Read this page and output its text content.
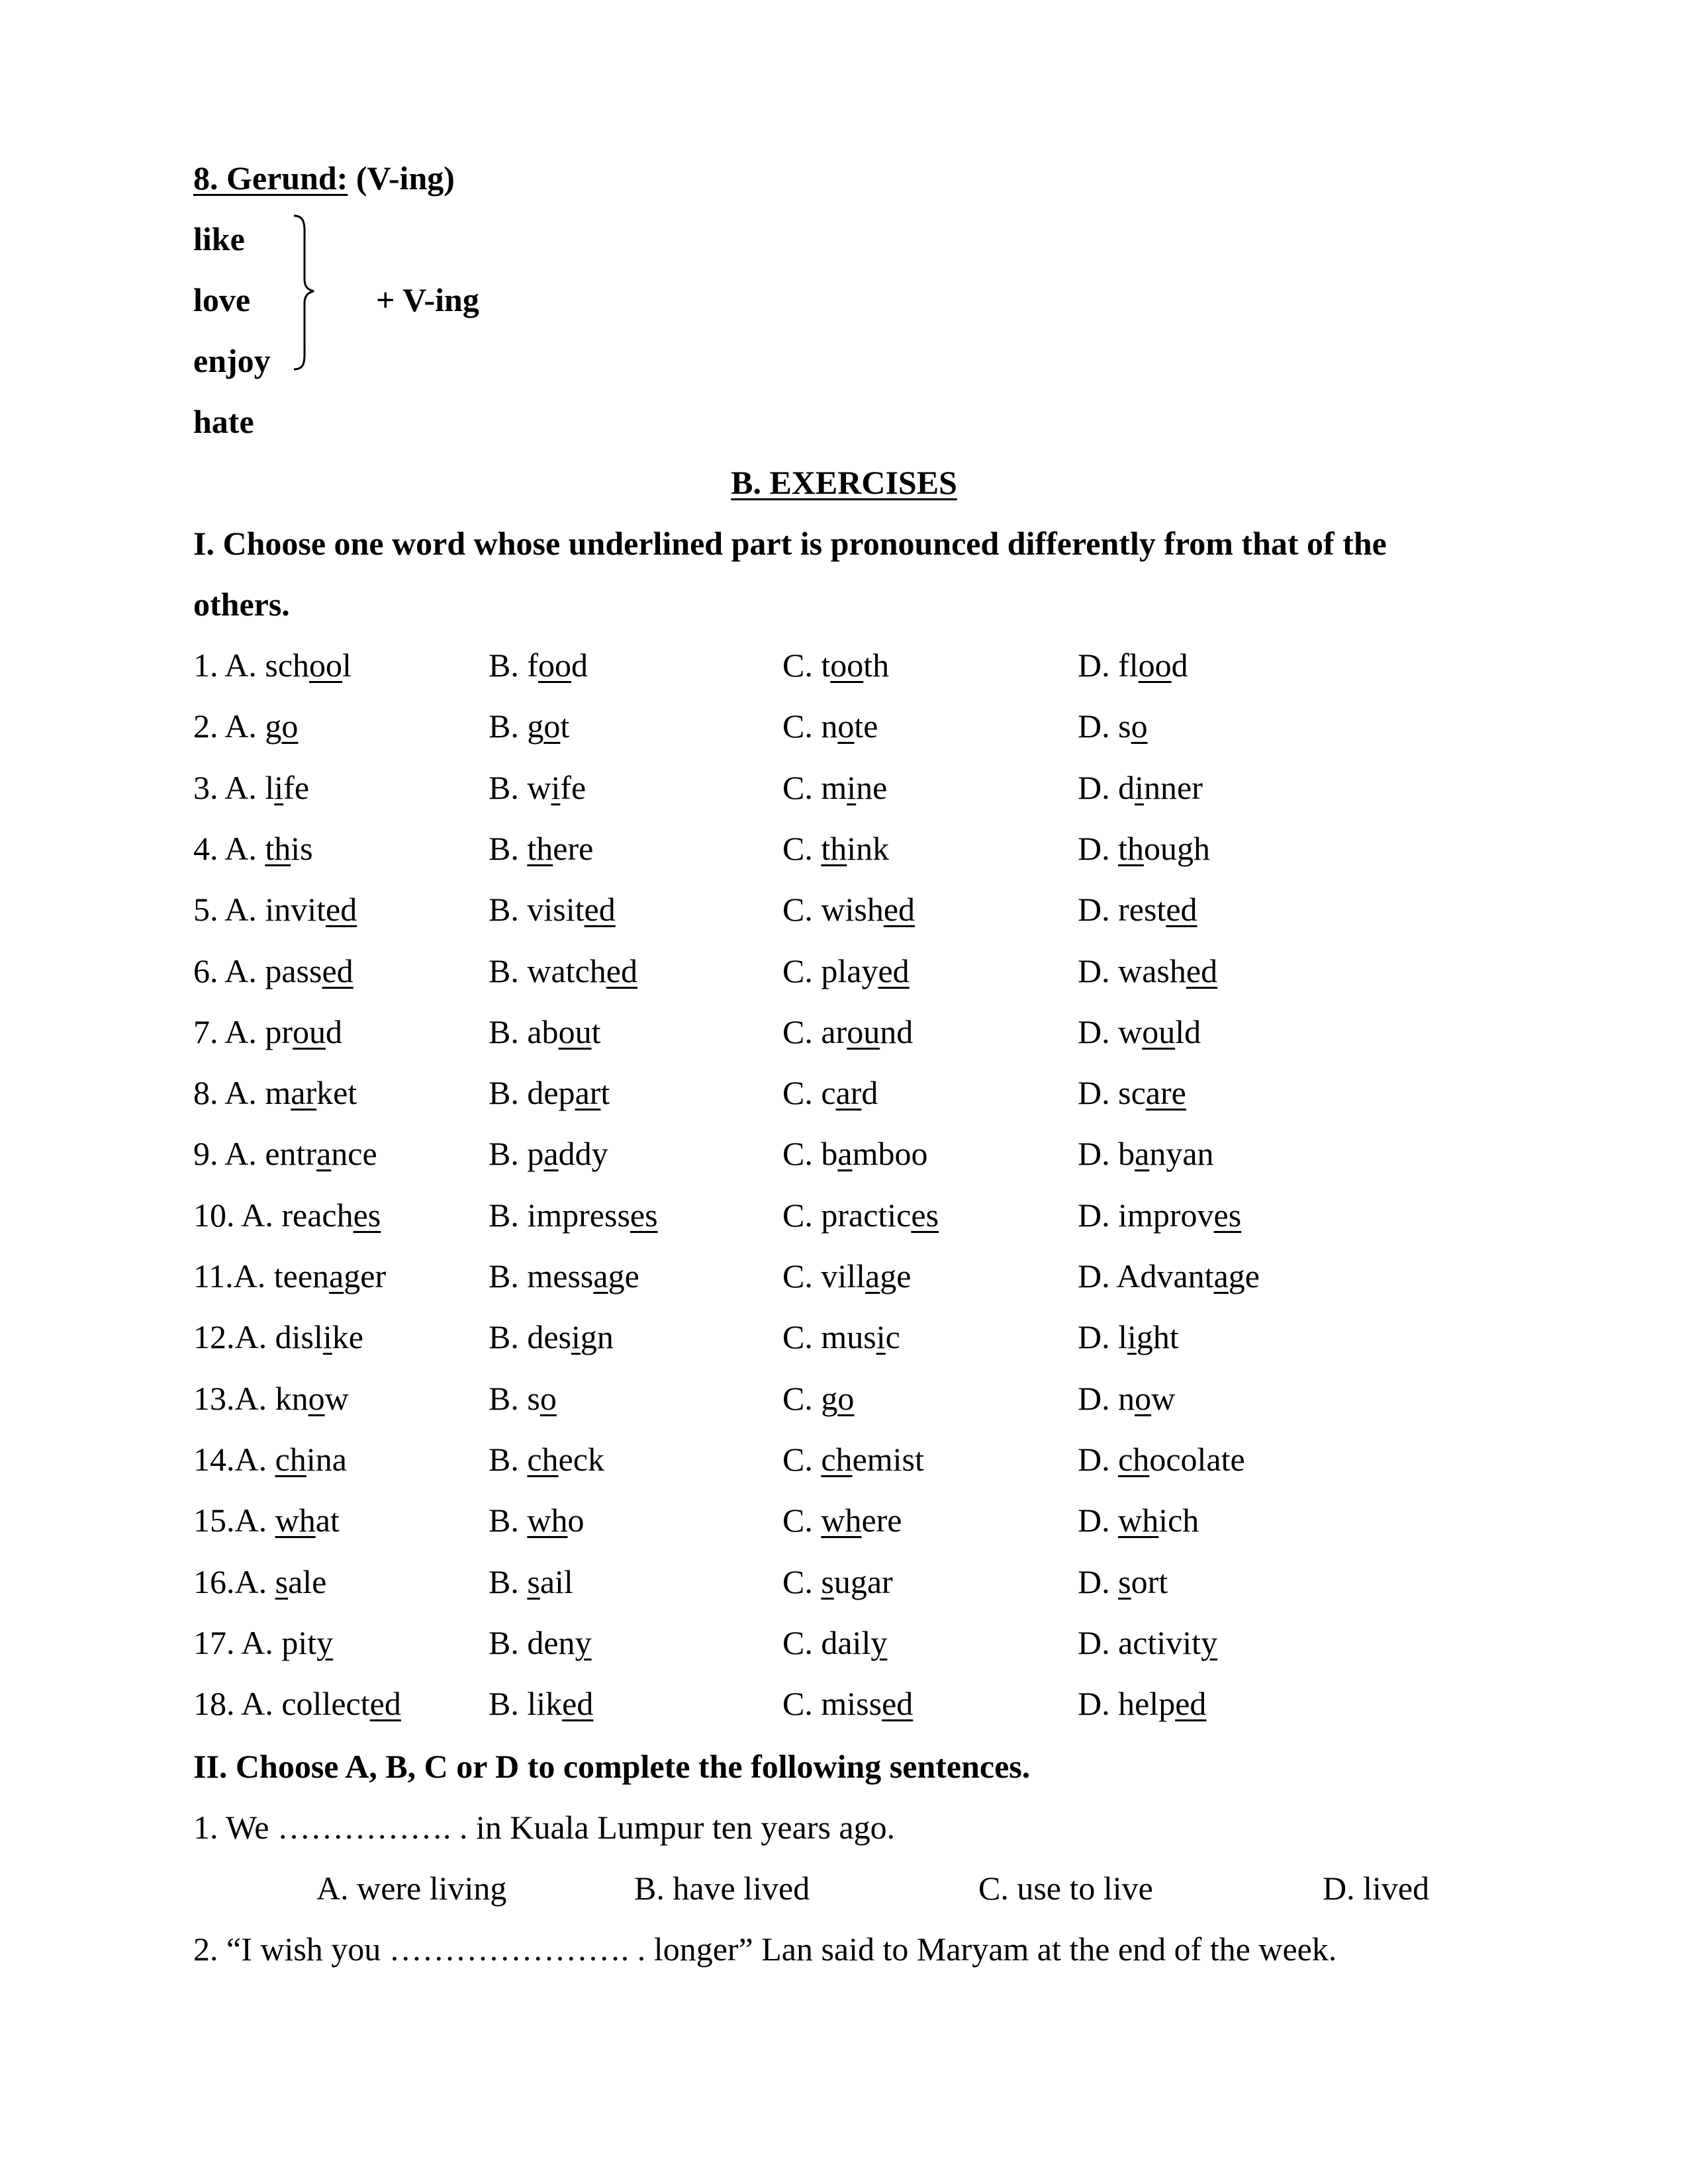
8. Gerund: (V-ing)
like
love
enjoy
hate
+ V-ing
B. EXERCISES
I. Choose one word whose underlined part is pronounced differently from that of the
others.
1. A. school	B. food	C. tooth	D. flood
2. A. go	B. got	C. note	D. so
3. A. life	B. wife	C. mine	D. dinner
4. A. this	B. there	C. think	D. though
5. A. invited	B. visited	C. wished	D. rested
6. A. passed	B. watched	C. played	D. washed
7. A. proud	B. about	C. around	D. would
8. A. market	B. depart	C. card	D. scare
9. A. entrance	B. paddy	C. bamboo	D. banyan
10. A. reaches	B. impresses	C. practices	D. improves
11.A. teenager	B. message	C. village	D. Advantage
12.A. dislike	B. design	C. music	D. light
13.A. know	B. so	C. go	D. now
14.A. china	B. check	C. chemist	D. chocolate
15.A. what	B. who	C. where	D. which
16.A. sale	B. sail	C. sugar	D. sort
17. A. pity	B. deny	C. daily	D. activity
18. A. collected	B. liked	C. missed	D. helped
II. Choose A, B, C or D to complete the following sentences.
1. We ……………. . in Kuala Lumpur ten years ago.
A. were living	B. have lived	C. use to live	D. lived
2. “I wish you …………………. . longer” Lan said to Maryam at the end of the week.
